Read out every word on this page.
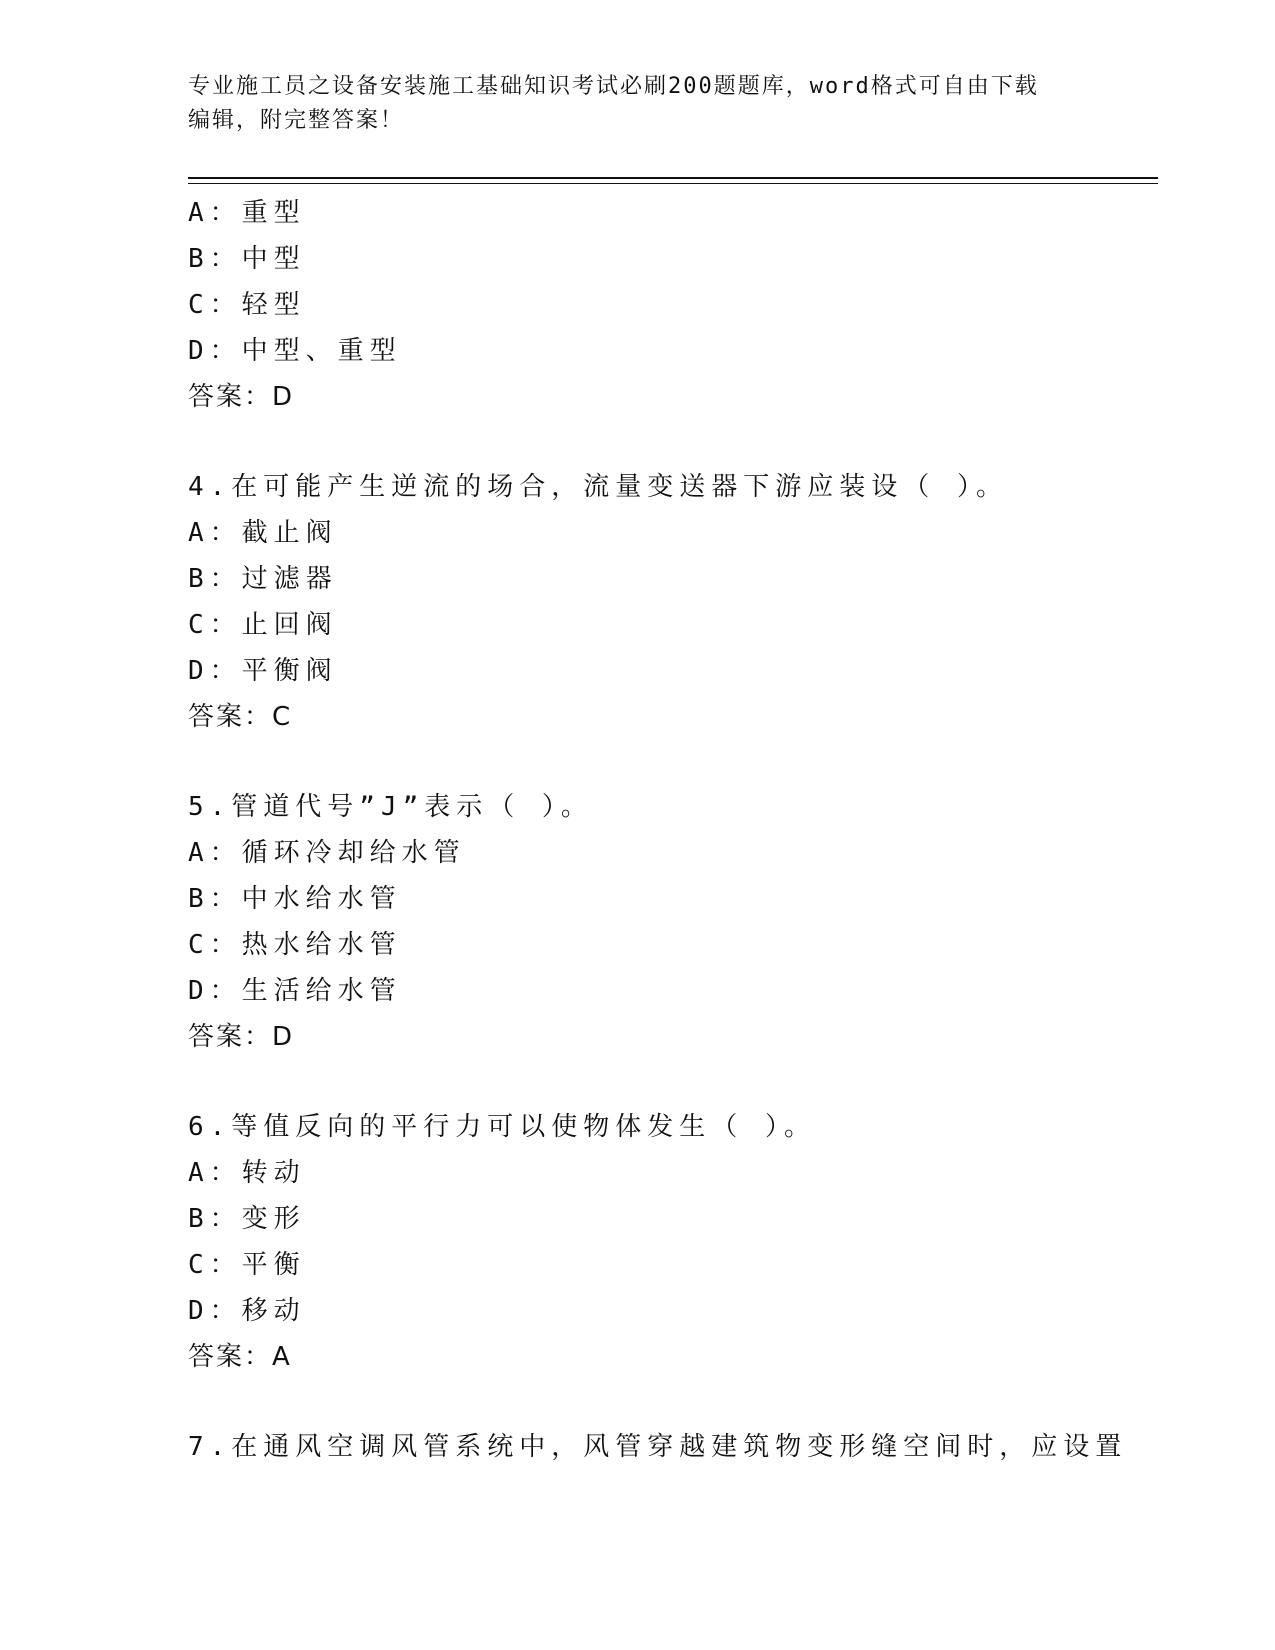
专业施工员之设备安装施工基础知识考试必刷200题题库，word格式可自由下载
编辑，附完整答案！
A：重型
B：中型
C：轻型
D：中型、重型
答案：D
4.在可能产生逆流的场合，流量变送器下游应装设（ ）。
A：截止阀
B：过滤器
C：止回阀
D：平衡阀
答案：C
5.管道代号”J”表示（ ）。
A：循环冷却给水管
B：中水给水管
C：热水给水管
D：生活给水管
答案：D
6.等值反向的平行力可以使物体发生（ ）。
A：转动
B：变形
C：平衡
D：移动
答案：A
7.在通风空调风管系统中，风管穿越建筑物变形缝空间时，应设置
